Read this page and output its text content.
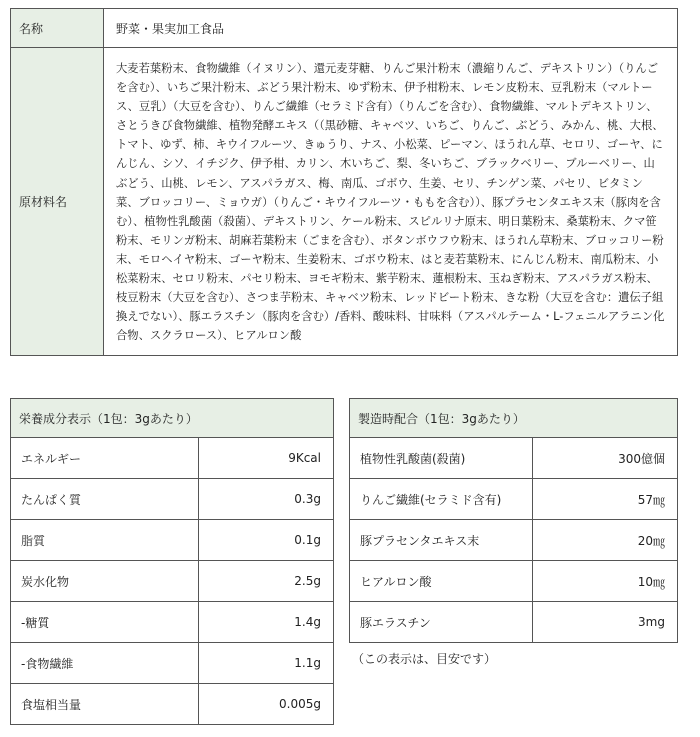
名称	野菜・果実加工食品
原材料名	大麦若葉粉末、食物繊維（イヌリン）、還元麦芽糖、りんご果汁粉末（濃縮りんご、デキストリン）（りんごを含む）、いちご果汁粉末、ぶどう果汁粉末、ゆず粉末、伊予柑粉末、レモン皮粉末、豆乳粉末（マルトース、豆乳）（大豆を含む）、りんご繊維（セラミド含有）（りんごを含む）、食物繊維、マルトデキストリン、さとうきび食物繊維、植物発酵エキス（（黒砂糖、キャベツ、いちご、りんご、ぶどう、みかん、桃、大根、トマト、ゆず、柿、キウイフルーツ、きゅうり、ナス、小松菜、ピーマン、ほうれん草、セロリ、ゴーヤ、にんじん、シソ、イチジク、伊予柑、カリン、木いちご、梨、冬いちご、ブラックベリー、ブルーベリー、山ぶどう、山桃、レモン、アスパラガス、梅、南瓜、ゴボウ、生姜、セリ、チンゲン菜、パセリ、ビタミン菜、ブロッコリー、ミョウガ）（りんご・キウイフルーツ・ももを含む））、豚プラセンタエキス末（豚肉を含む）、植物性乳酸菌（殺菌）、デキストリン、ケール粉末、スピルリナ原末、明日葉粉末、桑葉粉末、クマ笹粉末、モリンガ粉末、胡麻若葉粉末（ごまを含む）、ボタンボウフウ粉末、ほうれん草粉末、ブロッコリー粉末、モロヘイヤ粉末、ゴーヤ粉末、生姜粉末、ゴボウ粉末、はと麦若葉粉末、にんじん粉末、南瓜粉末、小松菜粉末、セロリ粉末、パセリ粉末、ヨモギ粉末、紫芋粉末、蓮根粉末、玉ねぎ粉末、アスパラガス粉末、枝豆粉末（大豆を含む）、さつま芋粉末、キャベツ粉末、レッドビート粉末、きな粉（大豆を含む：遺伝子組換えでない）、豚エラスチン（豚肉を含む）/香料、酸味料、甘味料（アスパルテーム・L-フェニルアラニン化合物、スクラロース）、ヒアルロン酸
栄養成分表示（1包：3gあたり）	
エネルギー	9Kcal
たんぱく質	0.3g
脂質	0.1g
炭水化物	2.5g
-糖質	1.4g
-食物繊維	1.1g
食塩相当量	0.005g
製造時配合（1包：3gあたり）	
植物性乳酸菌(殺菌)	300億個
りんご繊維(セラミド含有)	57㎎
豚プラセンタエキス末	20㎎
ヒアルロン酸	10㎎
豚エラスチン	3mg
（この表示は、目安です）
